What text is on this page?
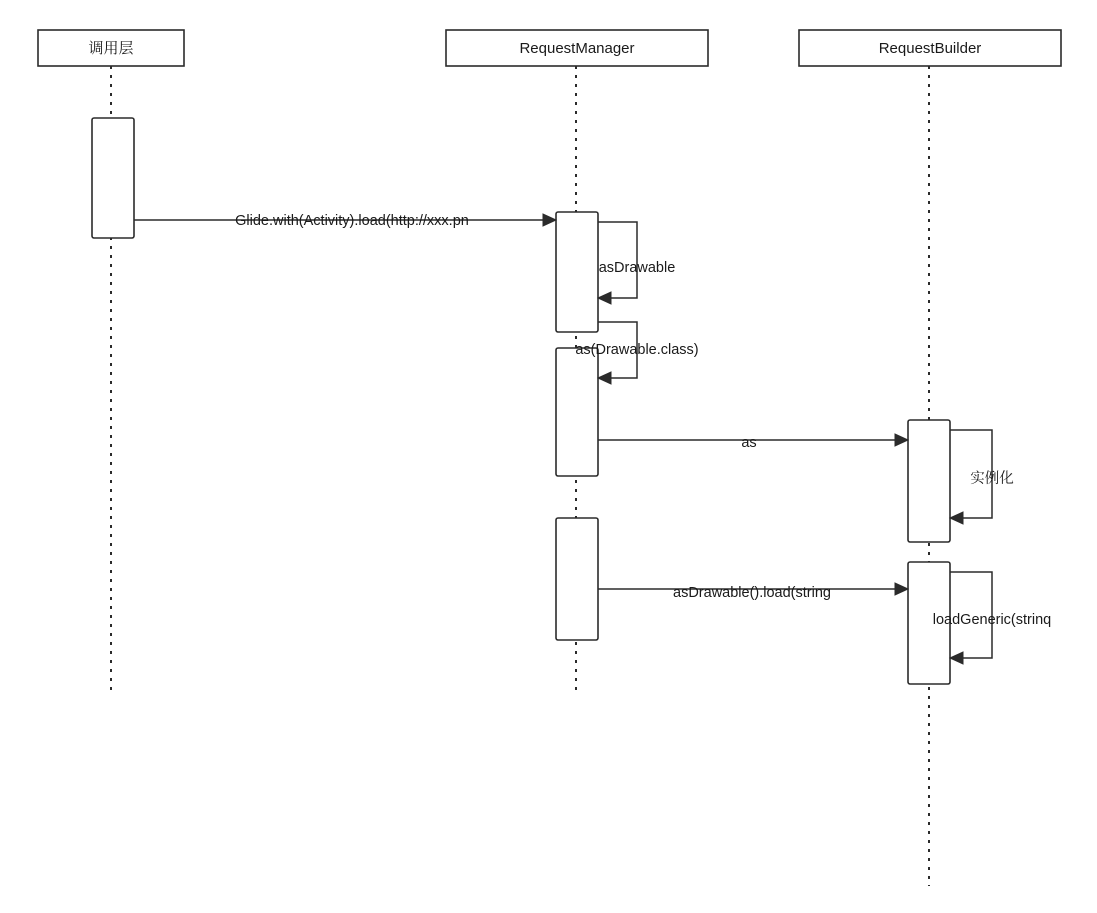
调用层	RequestManager	RequestBuilder
Glide.with(Activity).load(http://xxx.pn
asDrawable
as(Drawable.class)
as
实例化
asDrawable().load(string
loadGeneric(strinq
